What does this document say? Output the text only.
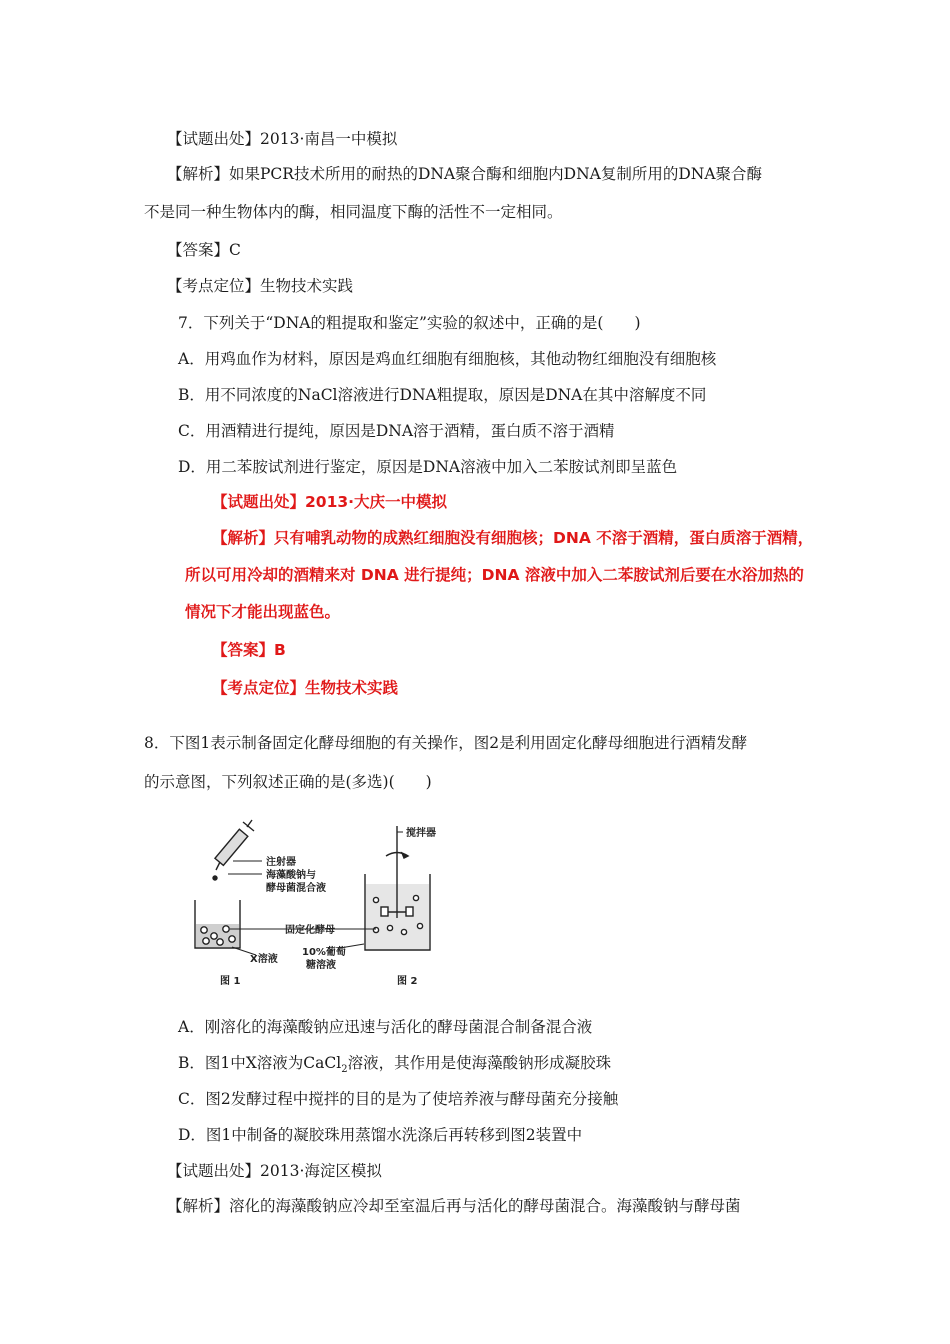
【试题出处】2013·南昌一中模拟
【解析】如果PCR技术所用的耐热的DNA聚合酶和细胞内DNA复制所用的DNA聚合酶
不是同一种生物体内的酶，相同温度下酶的活性不一定相同。
【答案】C
【考点定位】生物技术实践
7．下列关于“DNA的粗提取和鉴定”实验的叙述中，正确的是(　　)
A．用鸡血作为材料，原因是鸡血红细胞有细胞核，其他动物红细胞没有细胞核
B．用不同浓度的NaCl溶液进行DNA粗提取，原因是DNA在其中溶解度不同
C．用酒精进行提纯，原因是DNA溶于酒精，蛋白质不溶于酒精
D．用二苯胺试剂进行鉴定，原因是DNA溶液中加入二苯胺试剂即呈蓝色
【试题出处】2013·大庆一中模拟
【解析】只有哺乳动物的成熟红细胞没有细胞核；DNA 不溶于酒精，蛋白质溶于酒精，
所以可用冷却的酒精来对 DNA 进行提纯；DNA 溶液中加入二苯胺试剂后要在水浴加热的
情况下才能出现蓝色。
【答案】B
【考点定位】生物技术实践
8．下图1表示制备固定化酵母细胞的有关操作，图2是利用固定化酵母细胞进行酒精发酵
的示意图，下列叙述正确的是(多选)(　　)
注射器
海藻酸钠与
酵母菌混合液
搅拌器
固定化酵母
X溶液
10%葡萄
糖溶液
图 1	图 2
A．刚溶化的海藻酸钠应迅速与活化的酵母菌混合制备混合液
B．图1中X溶液为CaCl$_2$溶液，其作用是使海藻酸钠形成凝胶珠
C．图2发酵过程中搅拌的目的是为了使培养液与酵母菌充分接触
D．图1中制备的凝胶珠用蒸馏水洗涤后再转移到图2装置中
【试题出处】2013·海淀区模拟
【解析】溶化的海藻酸钠应冷却至室温后再与活化的酵母菌混合。海藻酸钠与酵母菌
